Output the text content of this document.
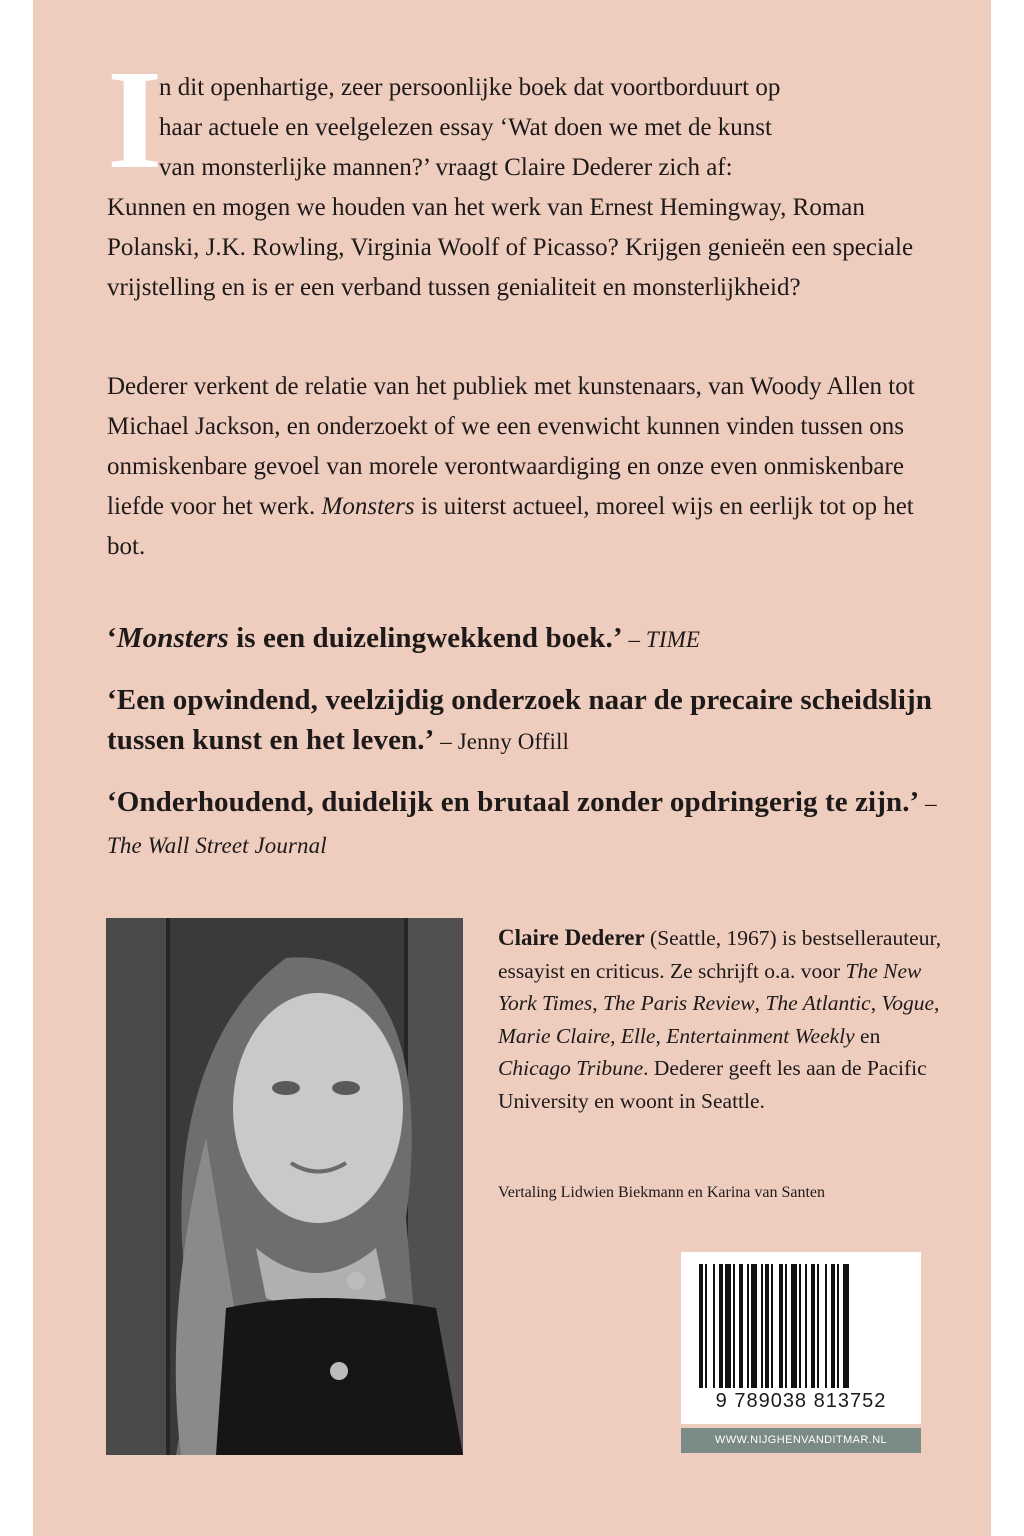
I
n dit openhartige, zeer persoonlijke boek dat voortborduurt op
haar actuele en veelgelezen essay ‘Wat doen we met de kunst
van monsterlijke mannen?’ vraagt Claire Dederer zich af:
Kunnen en mogen we houden van het werk van Ernest Hemingway, Roman Polanski, J.K. Rowling, Virginia Woolf of Picasso? Krijgen genieën een speciale vrijstelling en is er een verband tussen genialiteit en monsterlijkheid?

Dederer verkent de relatie van het publiek met kunstenaars, van Woody Allen tot Michael Jackson, en onderzoekt of we een evenwicht kunnen vinden tussen ons onmiskenbare gevoel van morele verontwaardiging en onze even onmiskenbare liefde voor het werk. Monsters is uiterst actueel, moreel wijs en eerlijk tot op het bot.

‘Monsters is een duizelingwekkend boek.’ – TIME

‘Een opwindend, veelzijdig onderzoek naar de precaire scheidslijn tussen kunst en het leven.’ – Jenny Offill

‘Onderhoudend, duidelijk en brutaal zonder opdringerig te zijn.’ – The Wall Street Journal

Claire Dederer (Seattle, 1967) is bestsellerauteur, essayist en criticus. Ze schrijft o.a. voor The New York Times, The Paris Review, The Atlantic, Vogue, Marie Claire, Elle, Entertainment Weekly en Chicago Tribune. Dederer geeft les aan de Pacific University en woont in Seattle.

Vertaling Lidwien Biekmann en Karina van Santen
9 789038 813752
WWW.NIJGHENVANDITMAR.NL
